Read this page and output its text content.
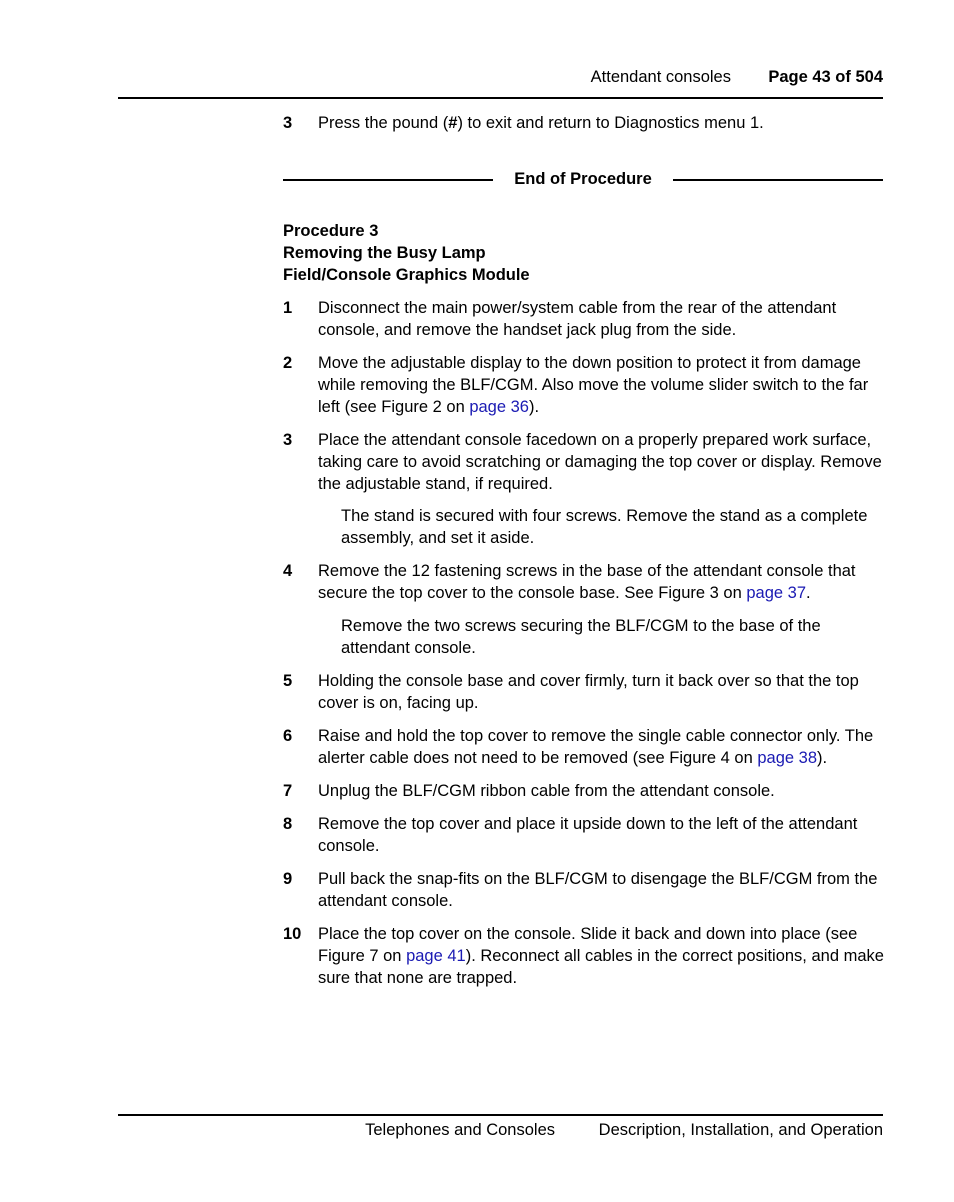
Attendant consoles Page 43 of 504
3 Press the pound (#) to exit and return to Diagnostics menu 1.
End of Procedure
Procedure 3
Removing the Busy Lamp
Field/Console Graphics Module
1 Disconnect the main power/system cable from the rear of the attendant console, and remove the handset jack plug from the side.
2 Move the adjustable display to the down position to protect it from damage while removing the BLF/CGM. Also move the volume slider switch to the far left (see Figure 2 on page 36).
3 Place the attendant console facedown on a properly prepared work surface, taking care to avoid scratching or damaging the top cover or display. Remove the adjustable stand, if required.
The stand is secured with four screws. Remove the stand as a complete assembly, and set it aside.
4 Remove the 12 fastening screws in the base of the attendant console that secure the top cover to the console base. See Figure 3 on page 37.
Remove the two screws securing the BLF/CGM to the base of the attendant console.
5 Holding the console base and cover firmly, turn it back over so that the top cover is on, facing up.
6 Raise and hold the top cover to remove the single cable connector only. The alerter cable does not need to be removed (see Figure 4 on page 38).
7 Unplug the BLF/CGM ribbon cable from the attendant console.
8 Remove the top cover and place it upside down to the left of the attendant console.
9 Pull back the snap-fits on the BLF/CGM to disengage the BLF/CGM from the attendant console.
10 Place the top cover on the console. Slide it back and down into place (see Figure 7 on page 41). Reconnect all cables in the correct positions, and make sure that none are trapped.
Telephones and Consoles	Description, Installation, and Operation
